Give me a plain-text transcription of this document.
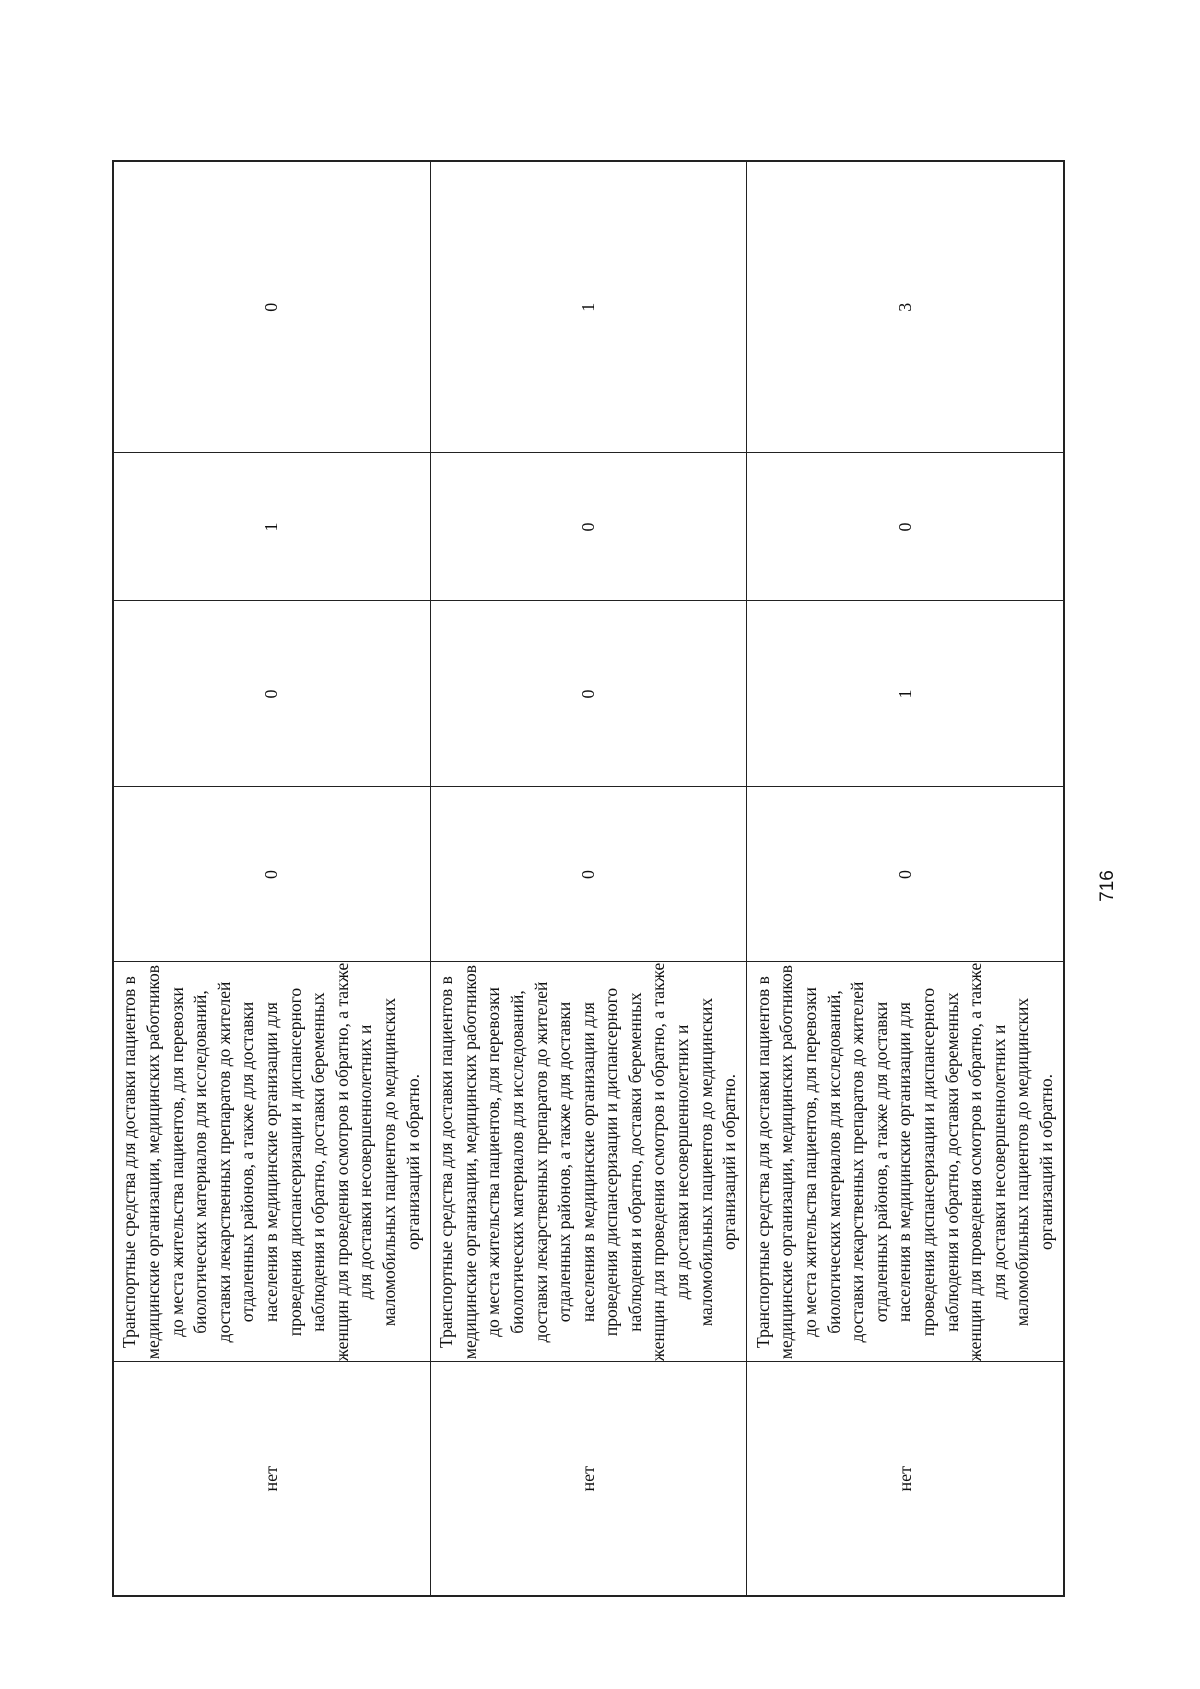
нет	Транспортные средства для доставки пациентов в медицинские организации, медицинских работников до места жительства пациентов, для перевозки биологических материалов для исследований, доставки лекарственных препаратов до жителей отдаленных районов, а также для доставки населения в медицинские организации для проведения диспансеризации и диспансерного наблюдения и обратно, доставки беременных женщин для проведения осмотров и обратно, а также для доставки несовершеннолетних и маломобильных пациентов до медицинских организаций и обратно.	0	0	1	0
нет	Транспортные средства для доставки пациентов в медицинские организации, медицинских работников до места жительства пациентов, для перевозки биологических материалов для исследований, доставки лекарственных препаратов до жителей отдаленных районов, а также для доставки населения в медицинские организации для проведения диспансеризации и диспансерного наблюдения и обратно, доставки беременных женщин для проведения осмотров и обратно, а также для доставки несовершеннолетних и маломобильных пациентов до медицинских организаций и обратно.	0	0	0	1
нет	Транспортные средства для доставки пациентов в медицинские организации, медицинских работников до места жительства пациентов, для перевозки биологических материалов для исследований, доставки лекарственных препаратов до жителей отдаленных районов, а также для доставки населения в медицинские организации для проведения диспансеризации и диспансерного наблюдения и обратно, доставки беременных женщин для проведения осмотров и обратно, а также для доставки несовершеннолетних и маломобильных пациентов до медицинских организаций и обратно.	0	1	0	3
716
